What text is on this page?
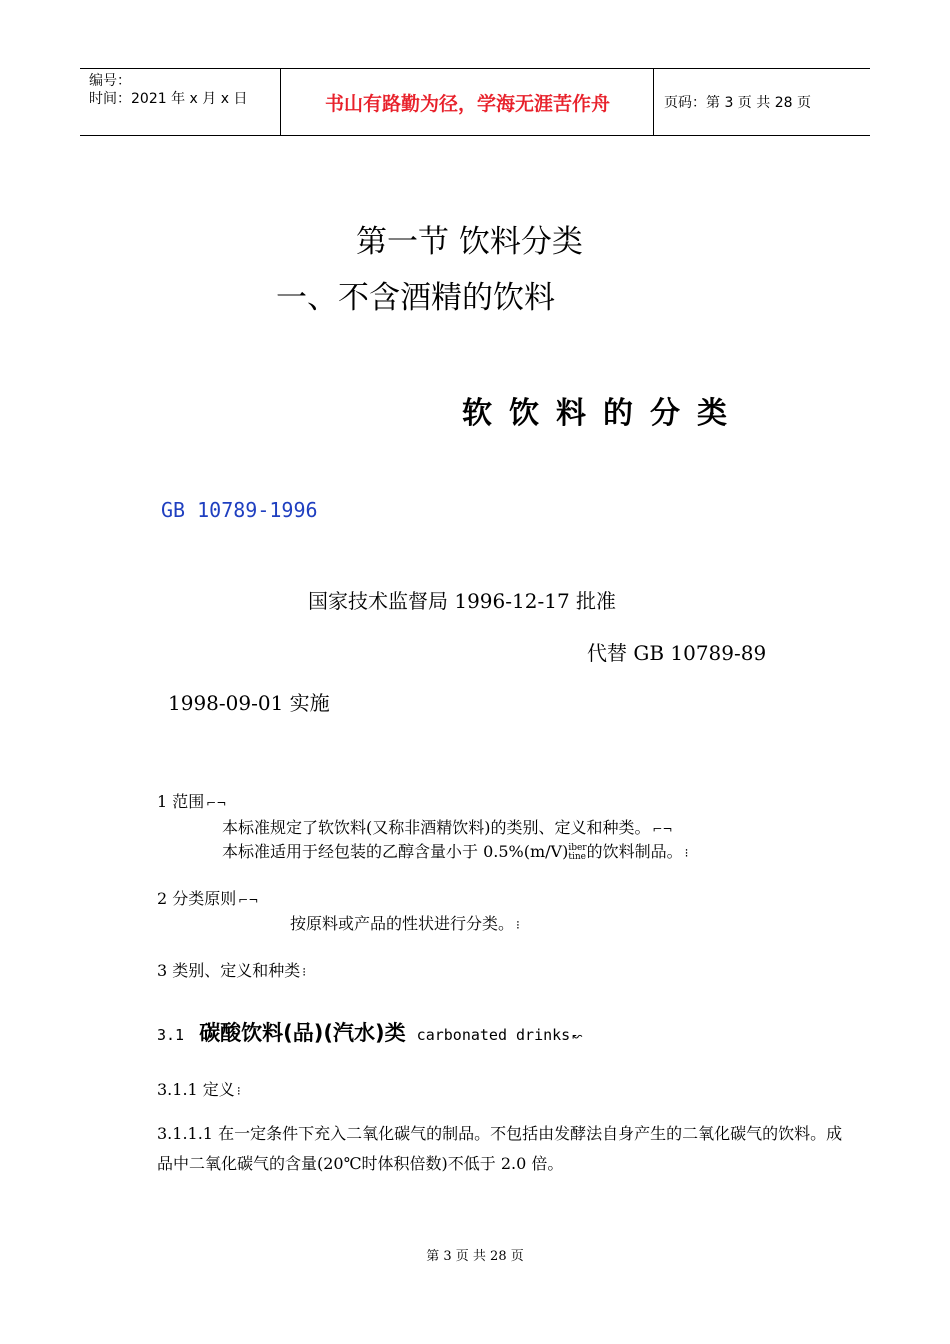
编号：
时间：2021 年 x 月 x 日	书山有路勤为径，学海无涯苦作舟	页码：第 3 页 共 28 页
第一节 饮料分类
一、不含酒精的饮料
软饮料的分类
GB 10789-1996
国家技术监督局 1996-12-17 批准
代替 GB 10789-89
1998-09-01 实施
1 范围 ⌐¬
本标准规定了软饮料(又称非酒精饮料)的类别、定义和种类。 ⌐¬
本标准适用于经包装的乙醇含量小于 0.5%(m/V)iber
tine的饮料制品。 ⁝
2 分类原则 ⌐¬
按原料或产品的性状进行分类。 ⁝
3 类别、定义和种类 ⁝
3.1 碳酸饮料(品)(汽水)类 carbonated drinks ↜
3.1.1 定义 ⁝
3.1.1.1 在一定条件下充入二氧化碳气的制品。不包括由发酵法自身产生的二氧化碳气的饮料。成品中二氧化碳气的含量(20℃时体积倍数)不低于 2.0 倍。
第 3 页 共 28 页
